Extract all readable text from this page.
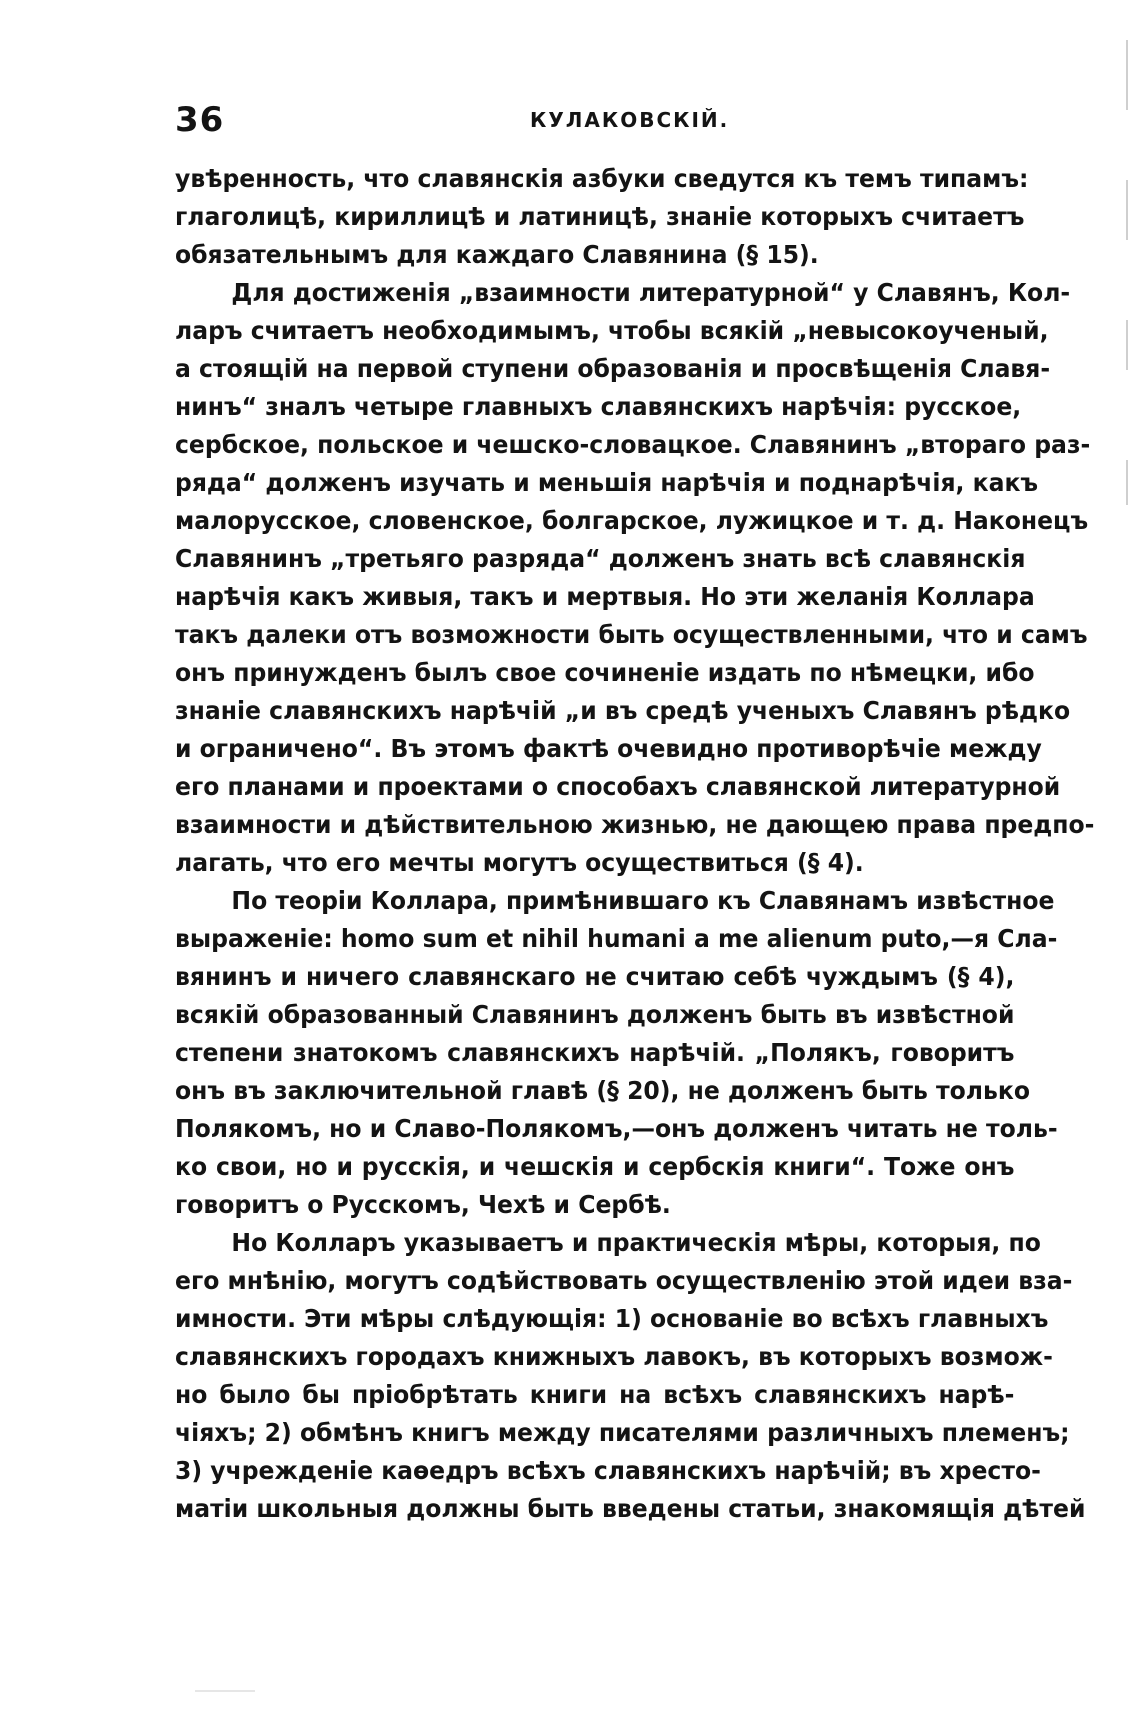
36	КУЛАКОВСКІЙ.
увѣренность, что славянскія азбуки сведутся къ темъ типамъ:
глаголицѣ, кириллицѣ и латиницѣ, знаніе которыхъ считаетъ
обязательнымъ для каждаго Славянина (§ 15).
Для достиженія „взаимности литературной“ у Славянъ, Кол-
ларъ считаетъ необходимымъ, чтобы всякій „невысокоученый,
а стоящій на первой ступени образованія и просвѣщенія Славя-
нинъ“ зналъ четыре главныхъ славянскихъ нарѣчія: русское,
сербское, польское и чешско-словацкое. Славянинъ „втораго раз-
ряда“ долженъ изучать и меньшія нарѣчія и поднарѣчія, какъ
малорусское, словенское, болгарское, лужицкое и т. д. Наконецъ
Славянинъ „третьяго разряда“ долженъ знать всѣ славянскія
нарѣчія какъ живыя, такъ и мертвыя. Но эти желанія Коллара
такъ далеки отъ возможности быть осуществленными, что и самъ
онъ принужденъ былъ свое сочиненіе издать по нѣмецки, ибо
знаніе славянскихъ нарѣчій „и въ средѣ ученыхъ Славянъ рѣдко
и ограничено“. Въ этомъ фактѣ очевидно противорѣчіе между
его планами и проектами о способахъ славянской литературной
взаимности и дѣйствительною жизнью, не дающею права предпо-
лагать, что его мечты могутъ осуществиться (§ 4).
По теоріи Коллара, примѣнившаго къ Славянамъ извѣстное
выраженіе: homo sum et nihil humani a me alienum puto,—я Сла-
вянинъ и ничего славянскаго не считаю себѣ чуждымъ (§ 4),
всякій образованный Славянинъ долженъ быть въ извѣстной
степени знатокомъ славянскихъ нарѣчій. „Полякъ, говоритъ
онъ въ заключительной главѣ (§ 20), не долженъ быть только
Полякомъ, но и Славо-Полякомъ,—онъ долженъ читать не толь-
ко свои, но и русскія, и чешскія и сербскія книги“. Тоже онъ
говоритъ о Русскомъ, Чехѣ и Сербѣ.
Но Колларъ указываетъ и практическія мѣры, которыя, по
его мнѣнію, могутъ содѣйствовать осуществленію этой идеи вза-
имности. Эти мѣры слѣдующія: 1) основаніе во всѣхъ главныхъ
славянскихъ городахъ книжныхъ лавокъ, въ которыхъ возмож-
но было бы пріобрѣтать книги на всѣхъ славянскихъ нарѣ-
чіяхъ; 2) обмѣнъ книгъ между писателями различныхъ племенъ;
3) учрежденіе каѳедръ всѣхъ славянскихъ нарѣчій; въ хресто-
матіи школьныя должны быть введены статьи, знакомящія дѣтей
